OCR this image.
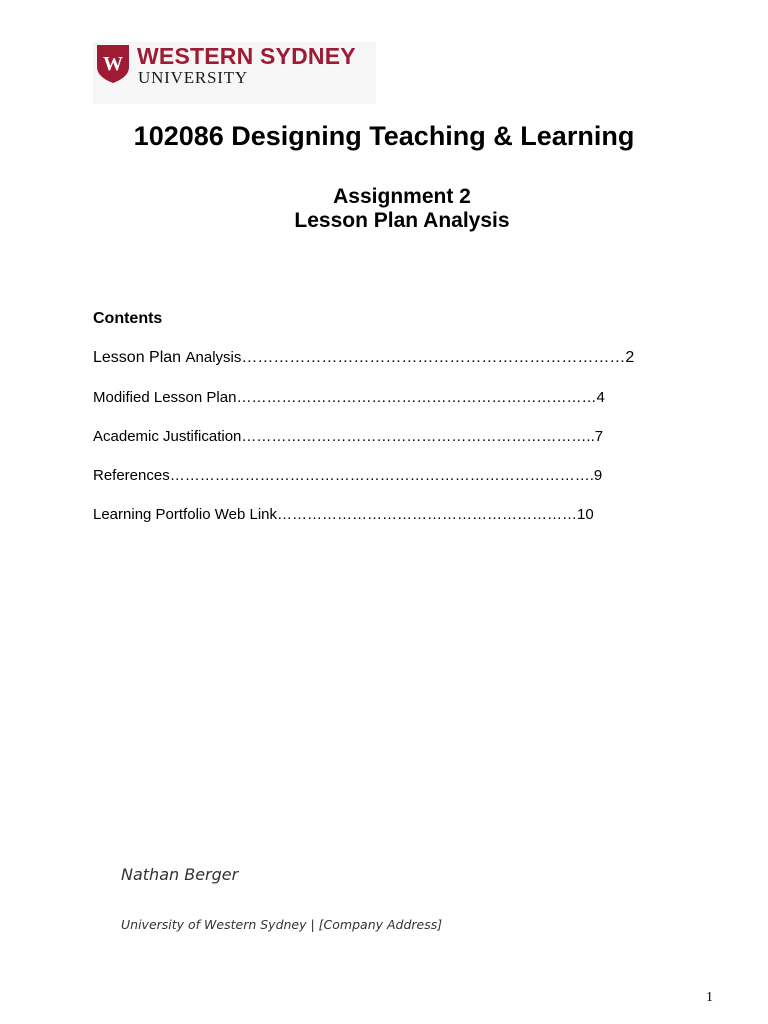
W WESTERN SYDNEY
UNIVERSITY
102086 Designing Teaching & Learning
Assignment 2
Lesson Plan Analysis
Contents
Lesson Plan Analysis………………………………………………………………2
Modified Lesson Plan………………………………………………………………4
Academic Justification……………………………………………………………..7
References………………………………………………………………………….9
Learning Portfolio Web Link……………………………………………………10
Nathan Berger
University of Western Sydney | [Company Address]
1
